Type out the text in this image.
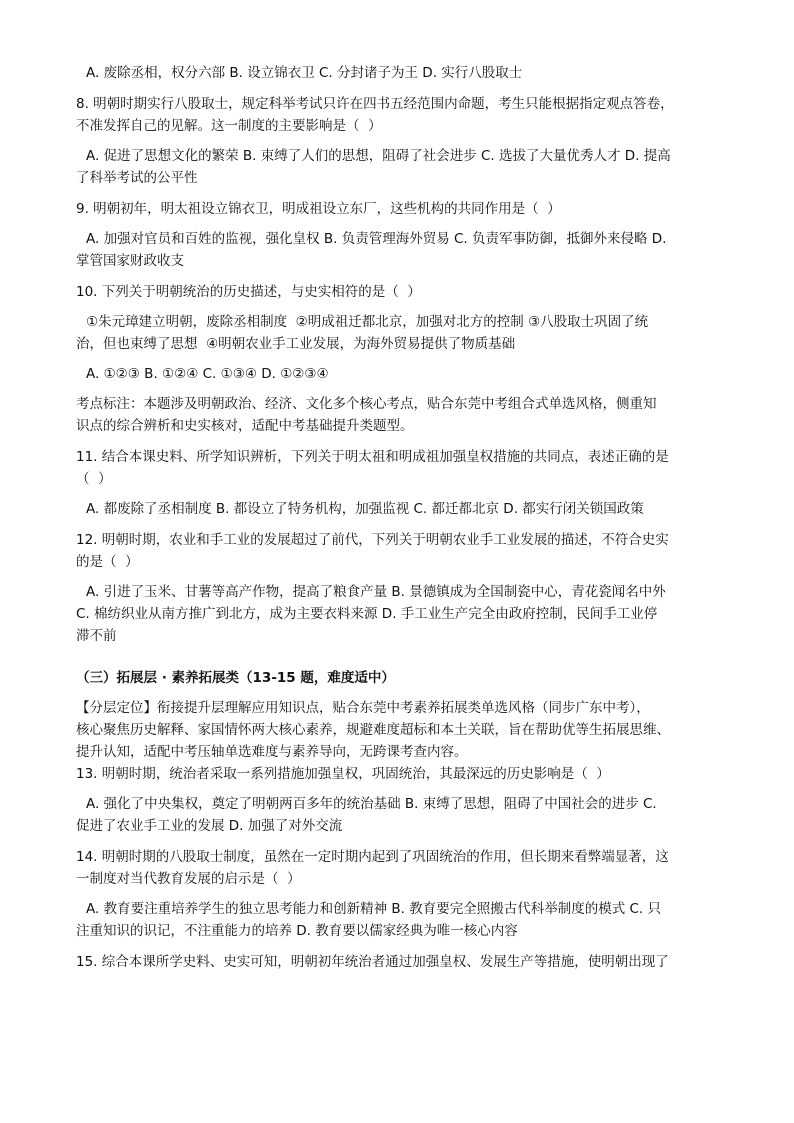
A. 废除丞相，权分六部 B. 设立锦衣卫 C. 分封诸子为王 D. 实行八股取士
8. 明朝时期实行八股取士，规定科举考试只许在四书五经范围内命题，考生只能根据指定观点答卷，
不准发挥自己的见解。这一制度的主要影响是（  ）
A. 促进了思想文化的繁荣 B. 束缚了人们的思想，阻碍了社会进步 C. 选拔了大量优秀人才 D. 提高
了科举考试的公平性
9. 明朝初年，明太祖设立锦衣卫，明成祖设立东厂，这些机构的共同作用是（  ）
A. 加强对官员和百姓的监视，强化皇权 B. 负责管理海外贸易 C. 负责军事防御，抵御外来侵略 D.
掌管国家财政收支
10. 下列关于明朝统治的历史描述，与史实相符的是（  ）
①朱元璋建立明朝，废除丞相制度  ②明成祖迁都北京，加强对北方的控制 ③八股取士巩固了统
治，但也束缚了思想  ④明朝农业手工业发展，为海外贸易提供了物质基础
A. ①②③ B. ①②④ C. ①③④ D. ①②③④
考点标注：本题涉及明朝政治、经济、文化多个核心考点，贴合东莞中考组合式单选风格，侧重知
识点的综合辨析和史实核对，适配中考基础提升类题型。
11. 结合本课史料、所学知识辨析，下列关于明太祖和明成祖加强皇权措施的共同点，表述正确的是
（  ）
A. 都废除了丞相制度 B. 都设立了特务机构，加强监视 C. 都迁都北京 D. 都实行闭关锁国政策
12. 明朝时期，农业和手工业的发展超过了前代，下列关于明朝农业手工业发展的描述，不符合史实
的是（  ）
A. 引进了玉米、甘薯等高产作物，提高了粮食产量 B. 景德镇成为全国制瓷中心，青花瓷闻名中外
C. 棉纺织业从南方推广到北方，成为主要衣料来源 D. 手工业生产完全由政府控制，民间手工业停
滞不前
（三）拓展层 · 素养拓展类（13-15 题，难度适中）
【分层定位】衔接提升层理解应用知识点，贴合东莞中考素养拓展类单选风格（同步广东中考），
核心聚焦历史解释、家国情怀两大核心素养，规避难度超标和本土关联，旨在帮助优等生拓展思维、
提升认知，适配中考压轴单选难度与素养导向，无跨课考查内容。
13. 明朝时期，统治者采取一系列措施加强皇权，巩固统治，其最深远的历史影响是（  ）
A. 强化了中央集权，奠定了明朝两百多年的统治基础 B. 束缚了思想，阻碍了中国社会的进步 C.
促进了农业手工业的发展 D. 加强了对外交流
14. 明朝时期的八股取士制度，虽然在一定时期内起到了巩固统治的作用，但长期来看弊端显著，这
一制度对当代教育发展的启示是（  ）
A. 教育要注重培养学生的独立思考能力和创新精神 B. 教育要完全照搬古代科举制度的模式 C. 只
注重知识的识记，不注重能力的培养 D. 教育要以儒家经典为唯一核心内容
15. 综合本课所学史料、史实可知，明朝初年统治者通过加强皇权、发展生产等措施，使明朝出现了
